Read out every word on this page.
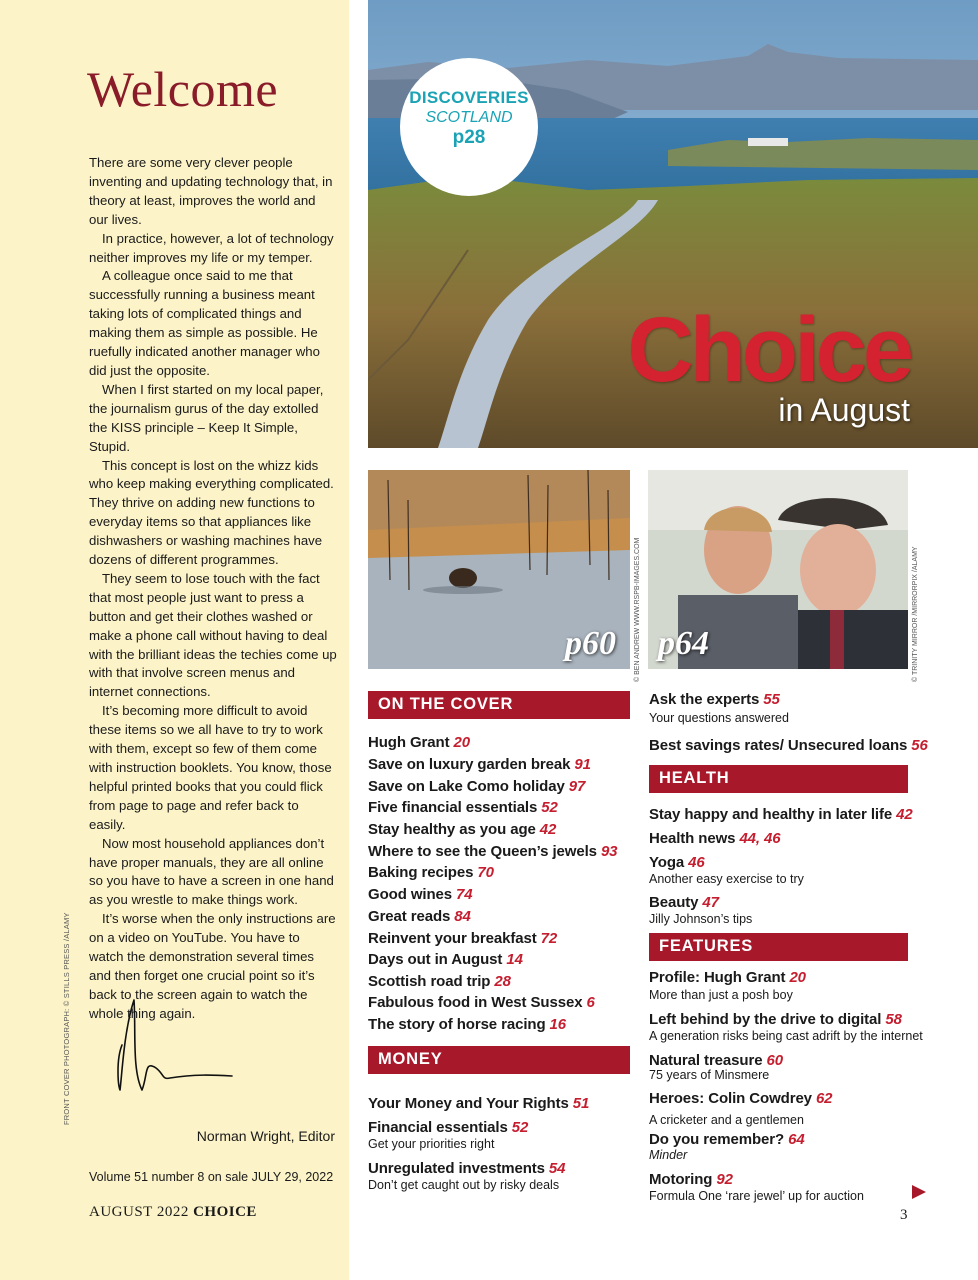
Welcome

There are some very clever people inventing and updating technology that, in theory at least, improves the world and our lives.

In practice, however, a lot of technology neither improves my life or my temper.

A colleague once said to me that successfully running a business meant taking lots of complicated things and making them as simple as possible. He ruefully indicated another manager who did just the opposite.

When I first started on my local paper, the journalism gurus of the day extolled the KISS principle – Keep It Simple, Stupid.

This concept is lost on the whizz kids who keep making everything complicated. They thrive on adding new functions to everyday items so that appliances like dishwashers or washing machines have dozens of different programmes.

They seem to lose touch with the fact that most people just want to press a button and get their clothes washed or make a phone call without having to deal with the brilliant ideas the techies come up with that involve screen menus and internet connections.

It’s becoming more difficult to avoid these items so we all have to try to work with them, except so few of them come with instruction booklets. You know, those helpful printed books that you could flick from page to page and refer back to easily.

Now most household appliances don’t have proper manuals, they are all online so you have to have a screen in one hand as you wrestle to make things work.

It’s worse when the only instructions are on a video on YouTube. You have to watch the demonstration several times and then forget one crucial point so it’s back to the screen again to watch the whole thing again.

FRONT COVER PHOTOGRAPH: © STILLS PRESS /ALAMY
Norman Wright, Editor
Volume 51 number 8 on sale JULY 29, 2022
AUGUST 2022 CHOICE
Choice
in August
DISCOVERIES
SCOTLAND
p28
p60	© BEN ANDREW WWW.RSPB-IMAGES.COM p64	© TRINITY MIRROR /MIRRORPIX /ALAMY
ON THE COVER
Hugh Grant 20
Save on luxury garden break 91
Save on Lake Como holiday 97
Five financial essentials 52
Stay healthy as you age 42
Where to see the Queen’s jewels 93
Baking recipes 70
Good wines 74
Great reads 84
Reinvent your breakfast 72
Days out in August 14
Scottish road trip 28
Fabulous food in West Sussex 6
The story of horse racing 16
MONEY
Your Money and Your Rights 51
Financial essentials 52
Get your priorities right
Unregulated investments 54
Don’t get caught out by risky deals
Ask the experts 55
Your questions answered
Best savings rates/ Unsecured loans 56
HEALTH
Stay happy and healthy in later life 42
Health news 44, 46
Yoga 46
Another easy exercise to try
Beauty 47
Jilly Johnson’s tips
FEATURES
Profile: Hugh Grant 20
More than just a posh boy
Left behind by the drive to digital 58
A generation risks being cast adrift by the internet
Natural treasure 60
75 years of Minsmere
Heroes: Colin Cowdrey 62
A cricketer and a gentlemen
Do you remember? 64
Minder
Motoring 92
Formula One ‘rare jewel’ up for auction
3
